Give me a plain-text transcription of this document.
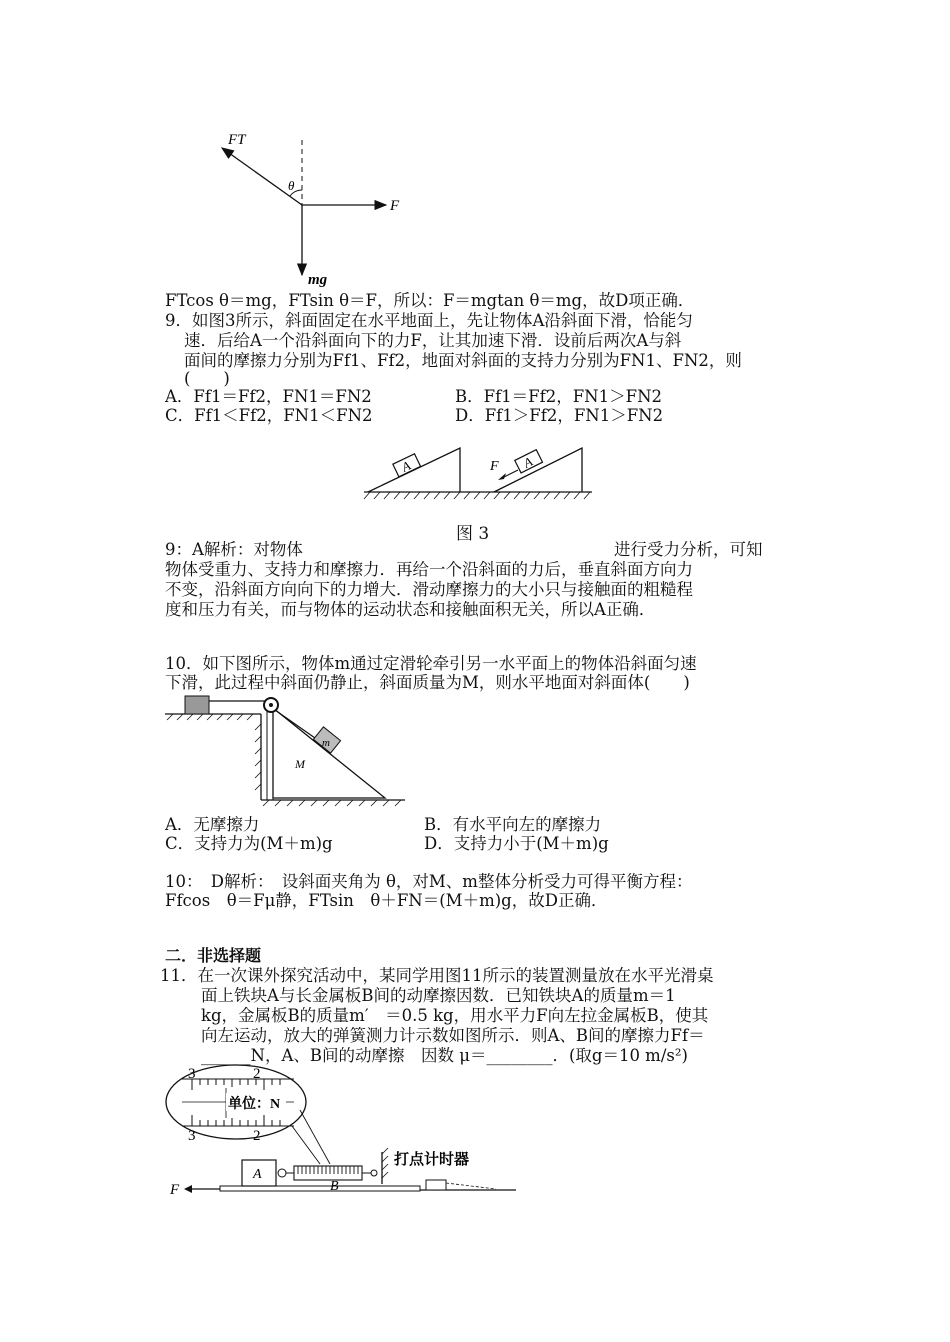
FT
θ
F
mg
FTcos θ＝mg，FTsin θ＝F，所以：F＝mgtan θ＝mg，故D项正确．
9．如图3所示，斜面固定在水平地面上，先让物体A沿斜面下滑，恰能匀
速．后给A一个沿斜面向下的力F，让其加速下滑．设前后两次A与斜
面间的摩擦力分别为Ff1、Ff2，地面对斜面的支持力分别为FN1、FN2，则
(　　)
A．Ff1＝Ff2，FN1＝FN2	B．Ff1＝Ff2，FN1＞FN2
C．Ff1＜Ff2，FN1＜FN2	D．Ff1＞Ff2，FN1＞FN2
A	A
F
图 3
9：A解析：对物体	进行受力分析，可知
物体受重力、支持力和摩擦力．再给一个沿斜面的力后，垂直斜面方向力
不变，沿斜面方向向下的力增大．滑动摩擦力的大小只与接触面的粗糙程
度和压力有关，而与物体的运动状态和接触面积无关，所以A正确．
10．如下图所示，物体m通过定滑轮牵引另一水平面上的物体沿斜面匀速
下滑，此过程中斜面仍静止，斜面质量为M，则水平地面对斜面体(　　)
m
M
A．无摩擦力	B．有水平向左的摩擦力
C．支持力为(M＋m)g	D．支持力小于(M＋m)g
10：　D解析：　设斜面夹角为 θ，对M、m整体分析受力可得平衡方程：
Ffcos　θ＝Fμ静，FTsin　θ＋FN＝(M＋m)g，故D正确．
二．非选择题
11．在一次课外探究活动中，某同学用图11所示的装置测量放在水平光滑桌
面上铁块A与长金属板B间的动摩擦因数．已知铁块A的质量m＝1
kg，金属板B的质量m′　＝0.5 kg，用水平力F向左拉金属板B，使其
向左运动，放大的弹簧测力计示数如图所示．则A、B间的摩擦力Ff＝
______N，A、B间的动摩擦　因数 μ＝________．(取g＝10 m/s²)
单位：N
3	2
3	2
A
B
打点计时器
F
